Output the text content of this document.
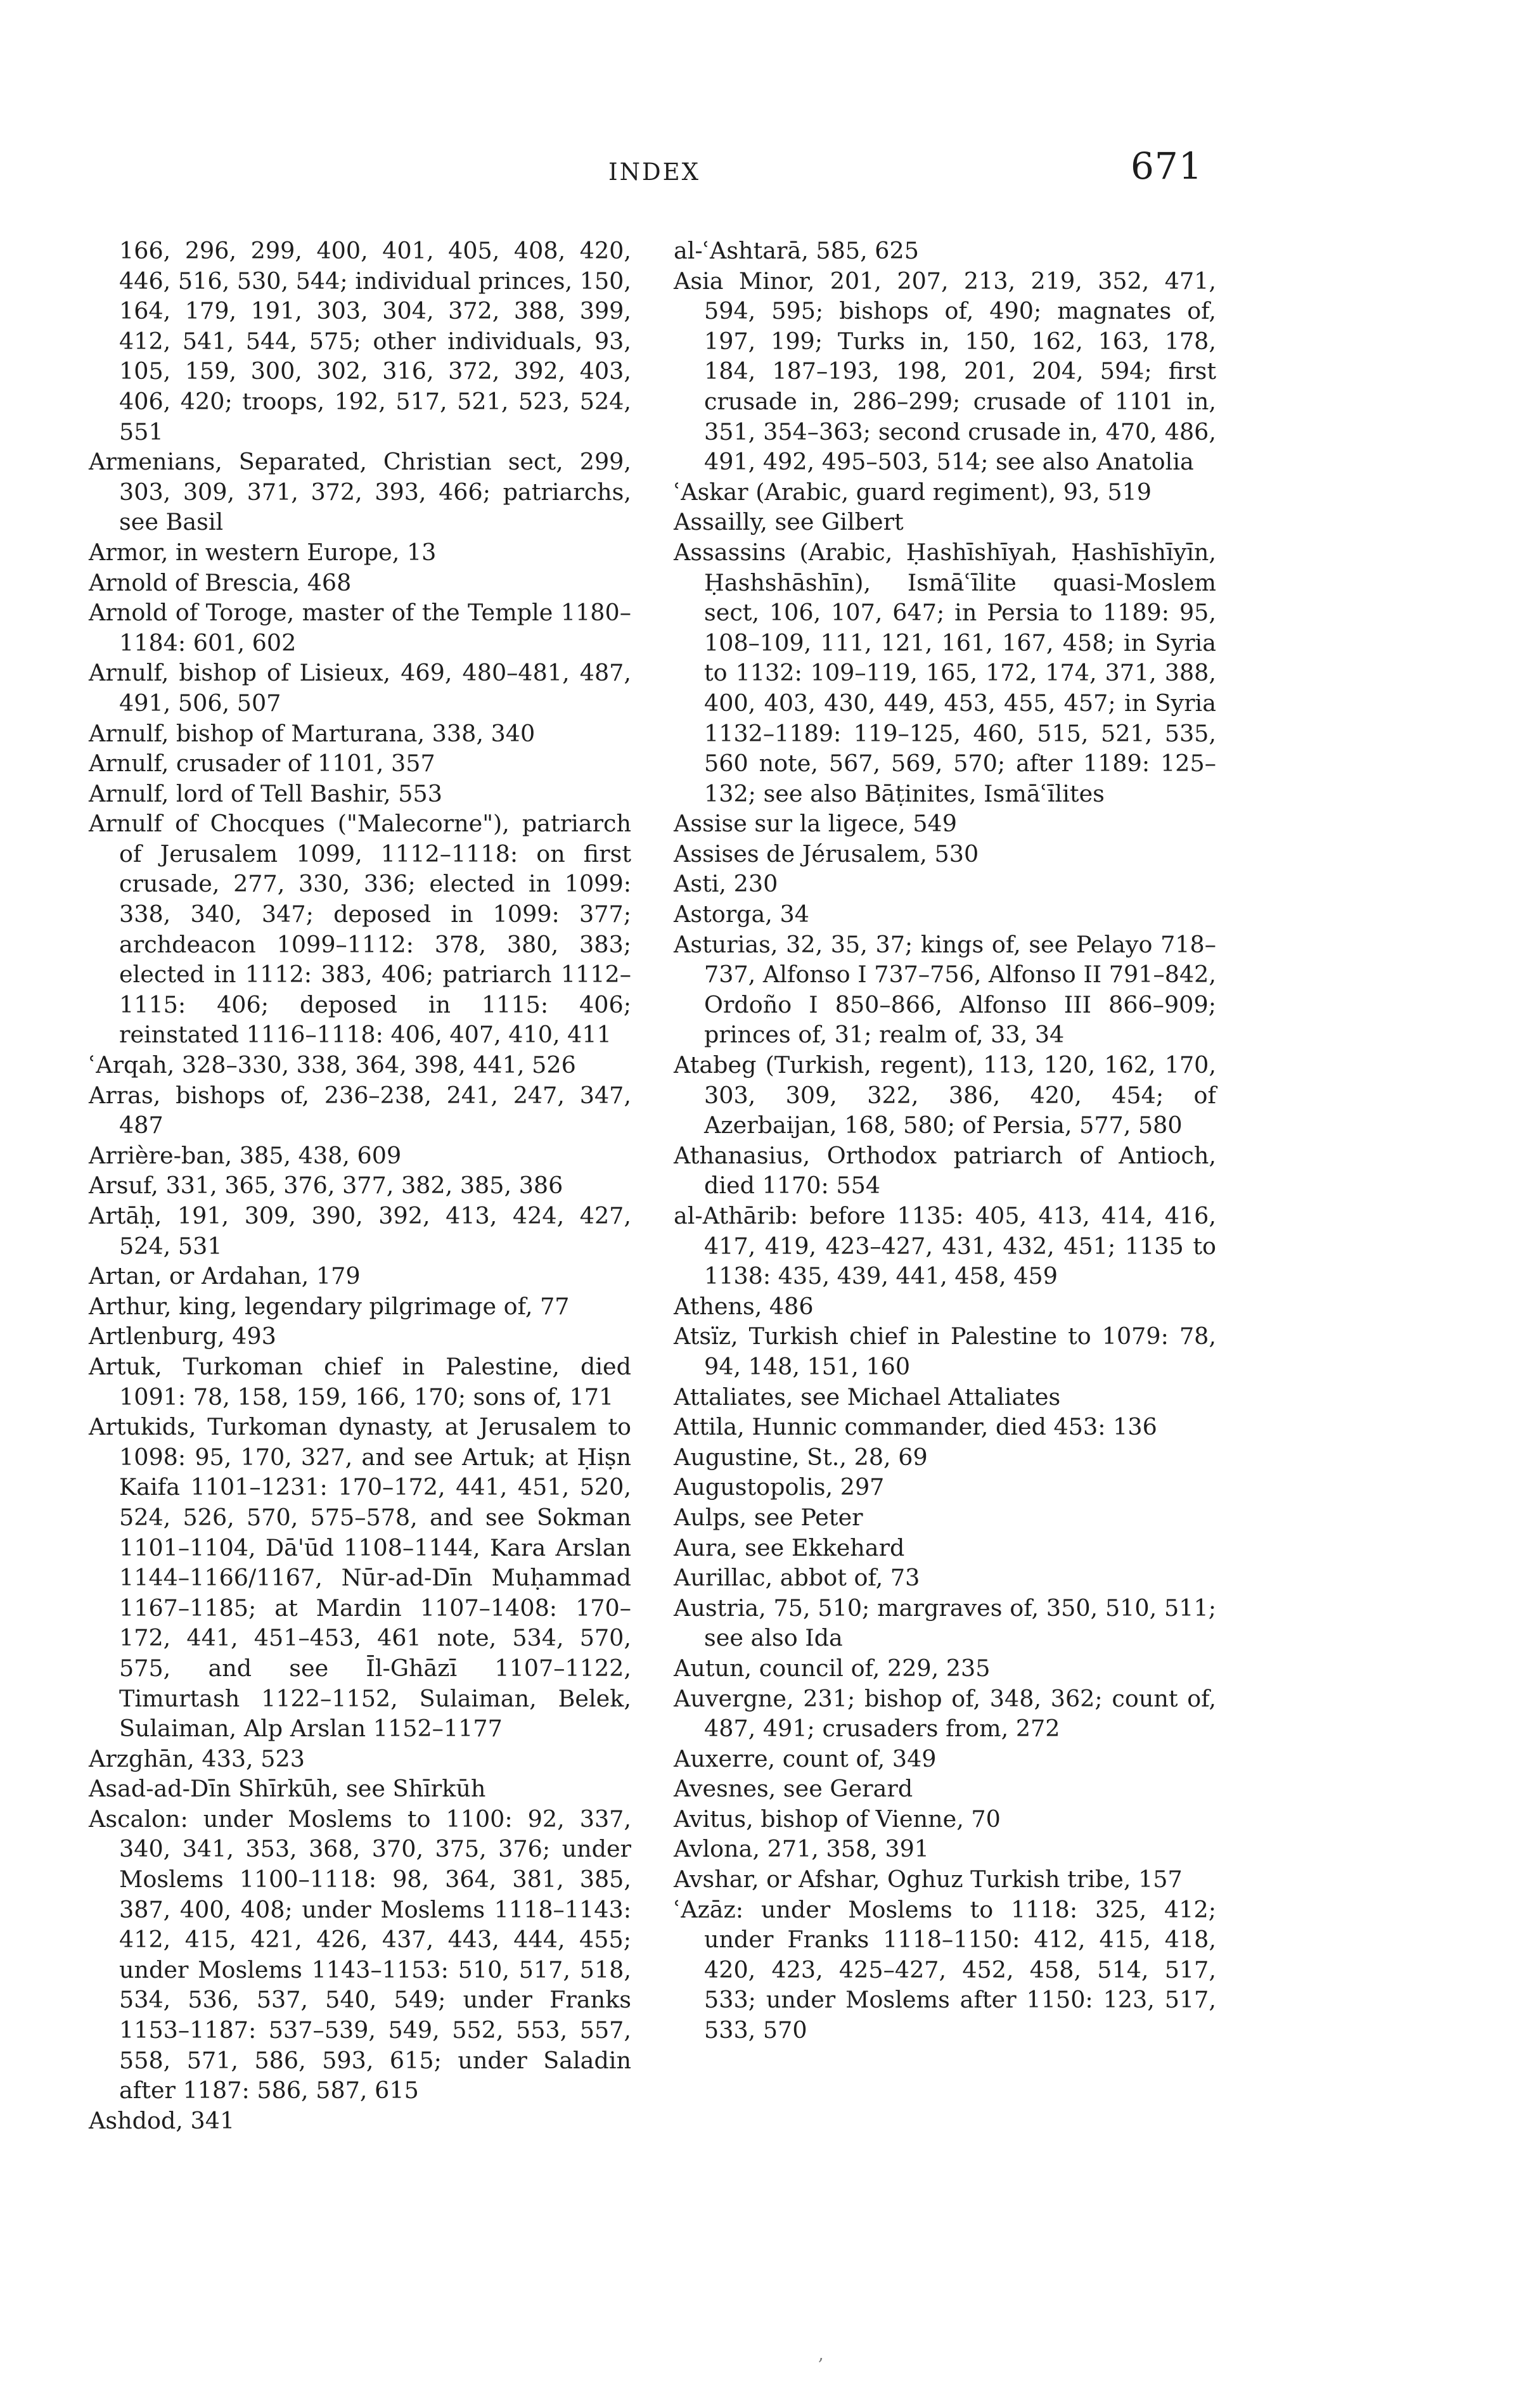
INDEX	671

166, 296, 299, 400, 401, 405, 408, 420, 446, 516, 530, 544; individual princes, 150, 164, 179, 191, 303, 304, 372, 388, 399, 412, 541, 544, 575; other individuals, 93, 105, 159, 300, 302, 316, 372, 392, 403, 406, 420; troops, 192, 517, 521, 523, 524, 551

Armenians, Separated, Christian sect, 299, 303, 309, 371, 372, 393, 466; patriarchs, see Basil

Armor, in western Europe, 13

Arnold of Brescia, 468

Arnold of Toroge, master of the Temple 1180–1184: 601, 602

Arnulf, bishop of Lisieux, 469, 480–481, 487, 491, 506, 507

Arnulf, bishop of Marturana, 338, 340

Arnulf, crusader of 1101, 357

Arnulf, lord of Tell Bashir, 553

Arnulf of Chocques ("Malecorne"), patriarch of Jerusalem 1099, 1112–1118: on first crusade, 277, 330, 336; elected in 1099: 338, 340, 347; deposed in 1099: 377; archdeacon 1099–1112: 378, 380, 383; elected in 1112: 383, 406; patriarch 1112–1115: 406; deposed in 1115: 406; reinstated 1116–1118: 406, 407, 410, 411

ʿArqah, 328–330, 338, 364, 398, 441, 526

Arras, bishops of, 236–238, 241, 247, 347, 487

Arrière-ban, 385, 438, 609

Arsuf, 331, 365, 376, 377, 382, 385, 386

Artāḥ, 191, 309, 390, 392, 413, 424, 427, 524, 531

Artan, or Ardahan, 179

Arthur, king, legendary pilgrimage of, 77

Artlenburg, 493

Artuk, Turkoman chief in Palestine, died 1091: 78, 158, 159, 166, 170; sons of, 171

Artukids, Turkoman dynasty, at Jerusalem to 1098: 95, 170, 327, and see Artuk; at Ḥiṣn Kaifa 1101–1231: 170–172, 441, 451, 520, 524, 526, 570, 575–578, and see Sokman 1101–1104, Dā'ūd 1108–1144, Kara Arslan 1144–1166/1167, Nūr-ad-Dīn Muḥammad 1167–1185; at Mardin 1107–1408: 170–172, 441, 451–453, 461 note, 534, 570, 575, and see Īl-Ghāzī 1107–1122, Timurtash 1122–1152, Sulaiman, Belek, Sulaiman, Alp Arslan 1152–1177

Arzghān, 433, 523

Asad-ad-Dīn Shīrkūh, see Shīrkūh

Ascalon: under Moslems to 1100: 92, 337, 340, 341, 353, 368, 370, 375, 376; under Moslems 1100–1118: 98, 364, 381, 385, 387, 400, 408; under Moslems 1118–1143: 412, 415, 421, 426, 437, 443, 444, 455; under Moslems 1143–1153: 510, 517, 518, 534, 536, 537, 540, 549; under Franks 1153–1187: 537–539, 549, 552, 553, 557, 558, 571, 586, 593, 615; under Saladin after 1187: 586, 587, 615

Ashdod, 341

al-ʿAshtarā, 585, 625

Asia Minor, 201, 207, 213, 219, 352, 471, 594, 595; bishops of, 490; magnates of, 197, 199; Turks in, 150, 162, 163, 178, 184, 187–193, 198, 201, 204, 594; first crusade in, 286–299; crusade of 1101 in, 351, 354–363; second crusade in, 470, 486, 491, 492, 495–503, 514; see also Anatolia

ʿAskar (Arabic, guard regiment), 93, 519

Assailly, see Gilbert

Assassins (Arabic, Ḥashīshīyah, Ḥashīshīyīn, Ḥashshāshīn), Ismāʿīlite quasi-Moslem sect, 106, 107, 647; in Persia to 1189: 95, 108–109, 111, 121, 161, 167, 458; in Syria to 1132: 109–119, 165, 172, 174, 371, 388, 400, 403, 430, 449, 453, 455, 457; in Syria 1132–1189: 119–125, 460, 515, 521, 535, 560 note, 567, 569, 570; after 1189: 125–132; see also Bāṭinites, Ismāʿīlites

Assise sur la ligece, 549

Assises de Jérusalem, 530

Asti, 230

Astorga, 34

Asturias, 32, 35, 37; kings of, see Pelayo 718–737, Alfonso I 737–756, Alfonso II 791–842, Ordoño I 850–866, Alfonso III 866–909; princes of, 31; realm of, 33, 34

Atabeg (Turkish, regent), 113, 120, 162, 170, 303, 309, 322, 386, 420, 454; of Azerbaijan, 168, 580; of Persia, 577, 580

Athanasius, Orthodox patriarch of Antioch, died 1170: 554

al-Athārib: before 1135: 405, 413, 414, 416, 417, 419, 423–427, 431, 432, 451; 1135 to 1138: 435, 439, 441, 458, 459

Athens, 486

Atsïz, Turkish chief in Palestine to 1079: 78, 94, 148, 151, 160

Attaliates, see Michael Attaliates

Attila, Hunnic commander, died 453: 136

Augustine, St., 28, 69

Augustopolis, 297

Aulps, see Peter

Aura, see Ekkehard

Aurillac, abbot of, 73

Austria, 75, 510; margraves of, 350, 510, 511; see also Ida

Autun, council of, 229, 235

Auvergne, 231; bishop of, 348, 362; count of, 487, 491; crusaders from, 272

Auxerre, count of, 349

Avesnes, see Gerard

Avitus, bishop of Vienne, 70

Avlona, 271, 358, 391

Avshar, or Afshar, Oghuz Turkish tribe, 157

ʿAzāz: under Moslems to 1118: 325, 412; under Franks 1118–1150: 412, 415, 418, 420, 423, 425–427, 452, 458, 514, 517, 533; under Moslems after 1150: 123, 517, 533, 570

,
